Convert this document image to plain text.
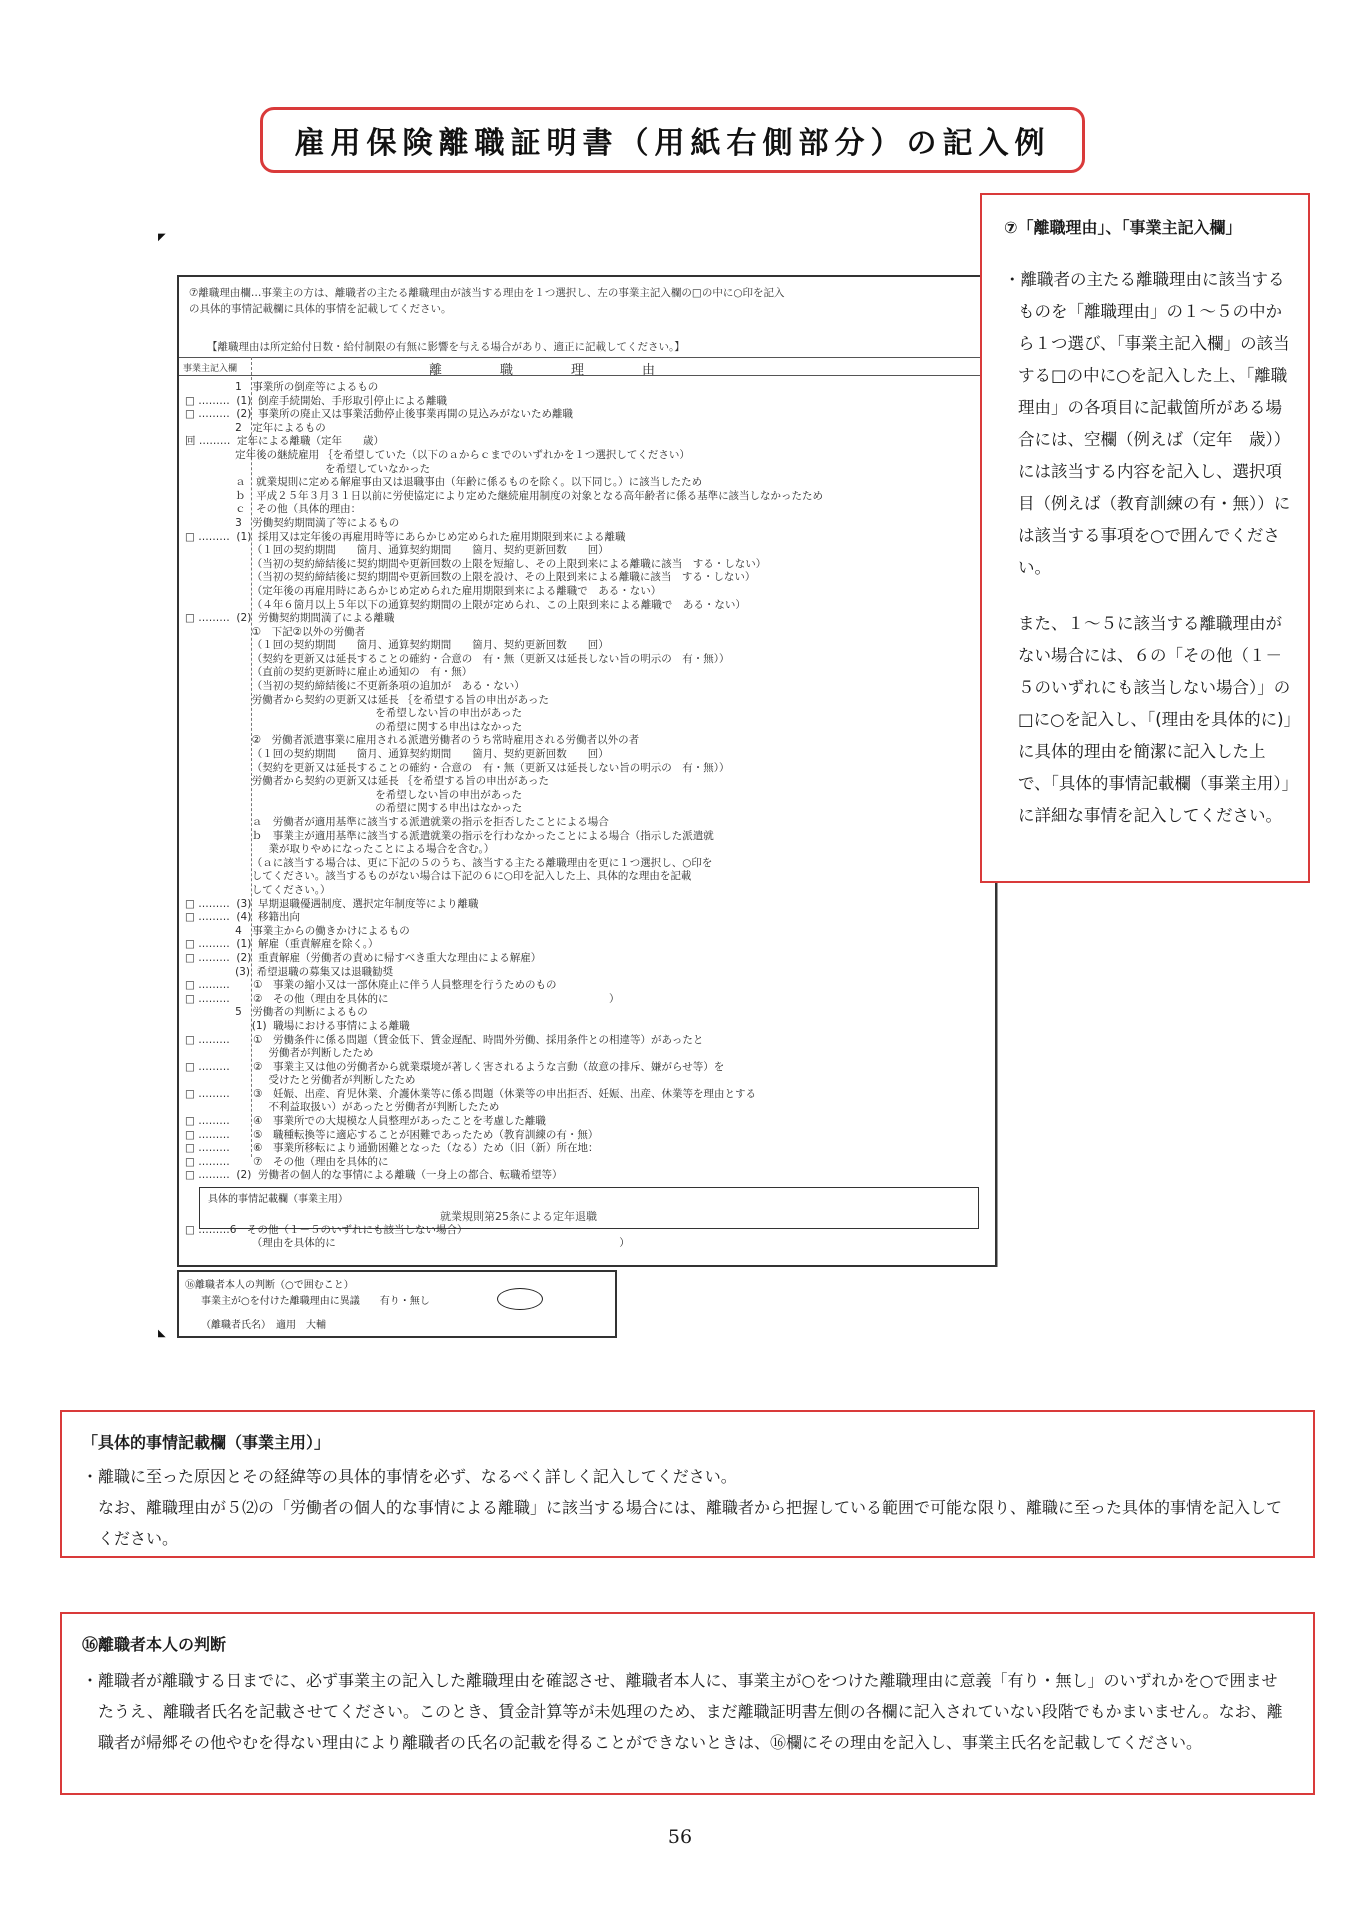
雇用保険離職証明書（用紙右側部分）の記入例
◤
◣
⑦離職理由欄…事業主の方は、離職者の主たる離職理由が該当する理由を１つ選択し、左の事業主記入欄の□の中に○印を記入
の具体的事情記載欄に具体的事情を記載してください。
【離職理由は所定給付日数・給付制限の有無に影響を与える場合があり、適正に記載してください。】
事業主記入欄	離職理由
1　事業所の倒産等によるもの
□ ………  (1)  倒産手続開始、手形取引停止による離職
□ ………  (2)  事業所の廃止又は事業活動停止後事業再開の見込みがないため離職
2　定年によるもの
回 ………  定年による離職（定年　　歳）
定年後の継続雇用 ｛を希望していた（以下のａからｃまでのいずれかを１つ選択してください）
を希望していなかった
ａ　就業規則に定める解雇事由又は退職事由（年齢に係るものを除く。以下同じ。）に該当したため
ｂ　平成２５年３月３１日以前に労使協定により定めた継続雇用制度の対象となる高年齢者に係る基準に該当しなかったため
ｃ　その他（具体的理由：
3　労働契約期間満了等によるもの
□ ………  (1)  採用又は定年後の再雇用時等にあらかじめ定められた雇用期限到来による離職
（１回の契約期間　　箇月、通算契約期間　　箇月、契約更新回数　　回）
（当初の契約締結後に契約期間や更新回数の上限を短縮し、その上限到来による離職に該当　する・しない）
（当初の契約締結後に契約期間や更新回数の上限を設け、その上限到来による離職に該当　する・しない）
（定年後の再雇用時にあらかじめ定められた雇用期限到来による離職で　ある・ない）
（４年６箇月以上５年以下の通算契約期間の上限が定められ、この上限到来による離職で　ある・ない）
□ ………  (2)  労働契約期間満了による離職
①　下記②以外の労働者
（１回の契約期間　　箇月、通算契約期間　　箇月、契約更新回数　　回）
（契約を更新又は延長することの確約・合意の　有・無（更新又は延長しない旨の明示の　有・無））
（直前の契約更新時に雇止め通知の　有・無）
（当初の契約締結後に不更新条項の追加が　ある・ない）
労働者から契約の更新又は延長 ｛を希望する旨の申出があった
を希望しない旨の申出があった
の希望に関する申出はなかった
②　労働者派遣事業に雇用される派遣労働者のうち常時雇用される労働者以外の者
（１回の契約期間　　箇月、通算契約期間　　箇月、契約更新回数　　回）
（契約を更新又は延長することの確約・合意の　有・無（更新又は延長しない旨の明示の　有・無））
労働者から契約の更新又は延長 ｛を希望する旨の申出があった
を希望しない旨の申出があった
の希望に関する申出はなかった
ａ　労働者が適用基準に該当する派遣就業の指示を拒否したことによる場合
ｂ　事業主が適用基準に該当する派遣就業の指示を行わなかったことによる場合（指示した派遣就
業が取りやめになったことによる場合を含む。）
（ａに該当する場合は、更に下記の５のうち、該当する主たる離職理由を更に１つ選択し、○印を
してください。該当するものがない場合は下記の６に○印を記入した上、具体的な理由を記載
してください。）
□ ………  (3)  早期退職優遇制度、選択定年制度等により離職
□ ………  (4)  移籍出向
4　事業主からの働きかけによるもの
□ ………  (1)  解雇（重責解雇を除く。）
□ ………  (2)  重責解雇（労働者の責めに帰すべき重大な理由による解雇）
(3)  希望退職の募集又は退職勧奨
□ ………       ①　事業の縮小又は一部休廃止に伴う人員整理を行うためのもの
□ ………       ②　その他（理由を具体的に　　　　　　　　　　　　　　　　　　　　　）
5　労働者の判断によるもの
(1)  職場における事情による離職
□ ………       ①　労働条件に係る問題（賃金低下、賃金遅配、時間外労働、採用条件との相違等）があったと
労働者が判断したため
□ ………       ②　事業主又は他の労働者から就業環境が著しく害されるような言動（故意の排斥、嫌がらせ等）を
受けたと労働者が判断したため
□ ………       ③　妊娠、出産、育児休業、介護休業等に係る問題（休業等の申出拒否、妊娠、出産、休業等を理由とする
不利益取扱い）があったと労働者が判断したため
□ ………       ④　事業所での大規模な人員整理があったことを考慮した離職
□ ………       ⑤　職種転換等に適応することが困難であったため（教育訓練の有・無）
□ ………       ⑥　事業所移転により通勤困難となった（なる）ため（旧（新）所在地：
□ ………       ⑦　その他（理由を具体的に
□ ………  (2)  労働者の個人的な事情による離職（一身上の都合、転職希望等）

□ ………6　その他（１－５のいずれにも該当しない場合）
（理由を具体的に　　　　　　　　　　　　　　　　　　　　　　　　　　　）
具体的事情記載欄（事業主用）
就業規則第25条による定年退職
⑯離職者本人の判断（○で囲むこと）
事業主が○を付けた離職理由に異議　　有り・無し
（離職者氏名）　 適用　大輔
⑦「離職理由」、「事業主記入欄」

・離職者の主たる離職理由に該当するものを「離職理由」の１～５の中から１つ選び、「事業主記入欄」の該当する□の中に○を記入した上、「離職理由」の各項目に記載箇所がある場合には、空欄（例えば（定年　歳））には該当する内容を記入し、選択項目（例えば（教育訓練の有・無））には該当する事項を○で囲んでください。

また、１～５に該当する離職理由がない場合には、６の「その他（１－５のいずれにも該当しない場合）」の□に○を記入し、「(理由を具体的に)」に具体的理由を簡潔に記入した上で、「具体的事情記載欄（事業主用）」に詳細な事情を記入してください。

「具体的事情記載欄（事業主用）」

・離職に至った原因とその経緯等の具体的事情を必ず、なるべく詳しく記入してください。
なお、離職理由が５⑵の「労働者の個人的な事情による離職」に該当する場合には、離職者から把握している範囲で可能な限り、離職に至った具体的事情を記入してください。

⑯離職者本人の判断

・離職者が離職する日までに、必ず事業主の記入した離職理由を確認させ、離職者本人に、事業主が○をつけた離職理由に意義「有り・無し」のいずれかを○で囲ませたうえ、離職者氏名を記載させてください。このとき、賃金計算等が未処理のため、まだ離職証明書左側の各欄に記入されていない段階でもかまいません。なお、離職者が帰郷その他やむを得ない理由により離職者の氏名の記載を得ることができないときは、⑯欄にその理由を記入し、事業主氏名を記載してください。

56
